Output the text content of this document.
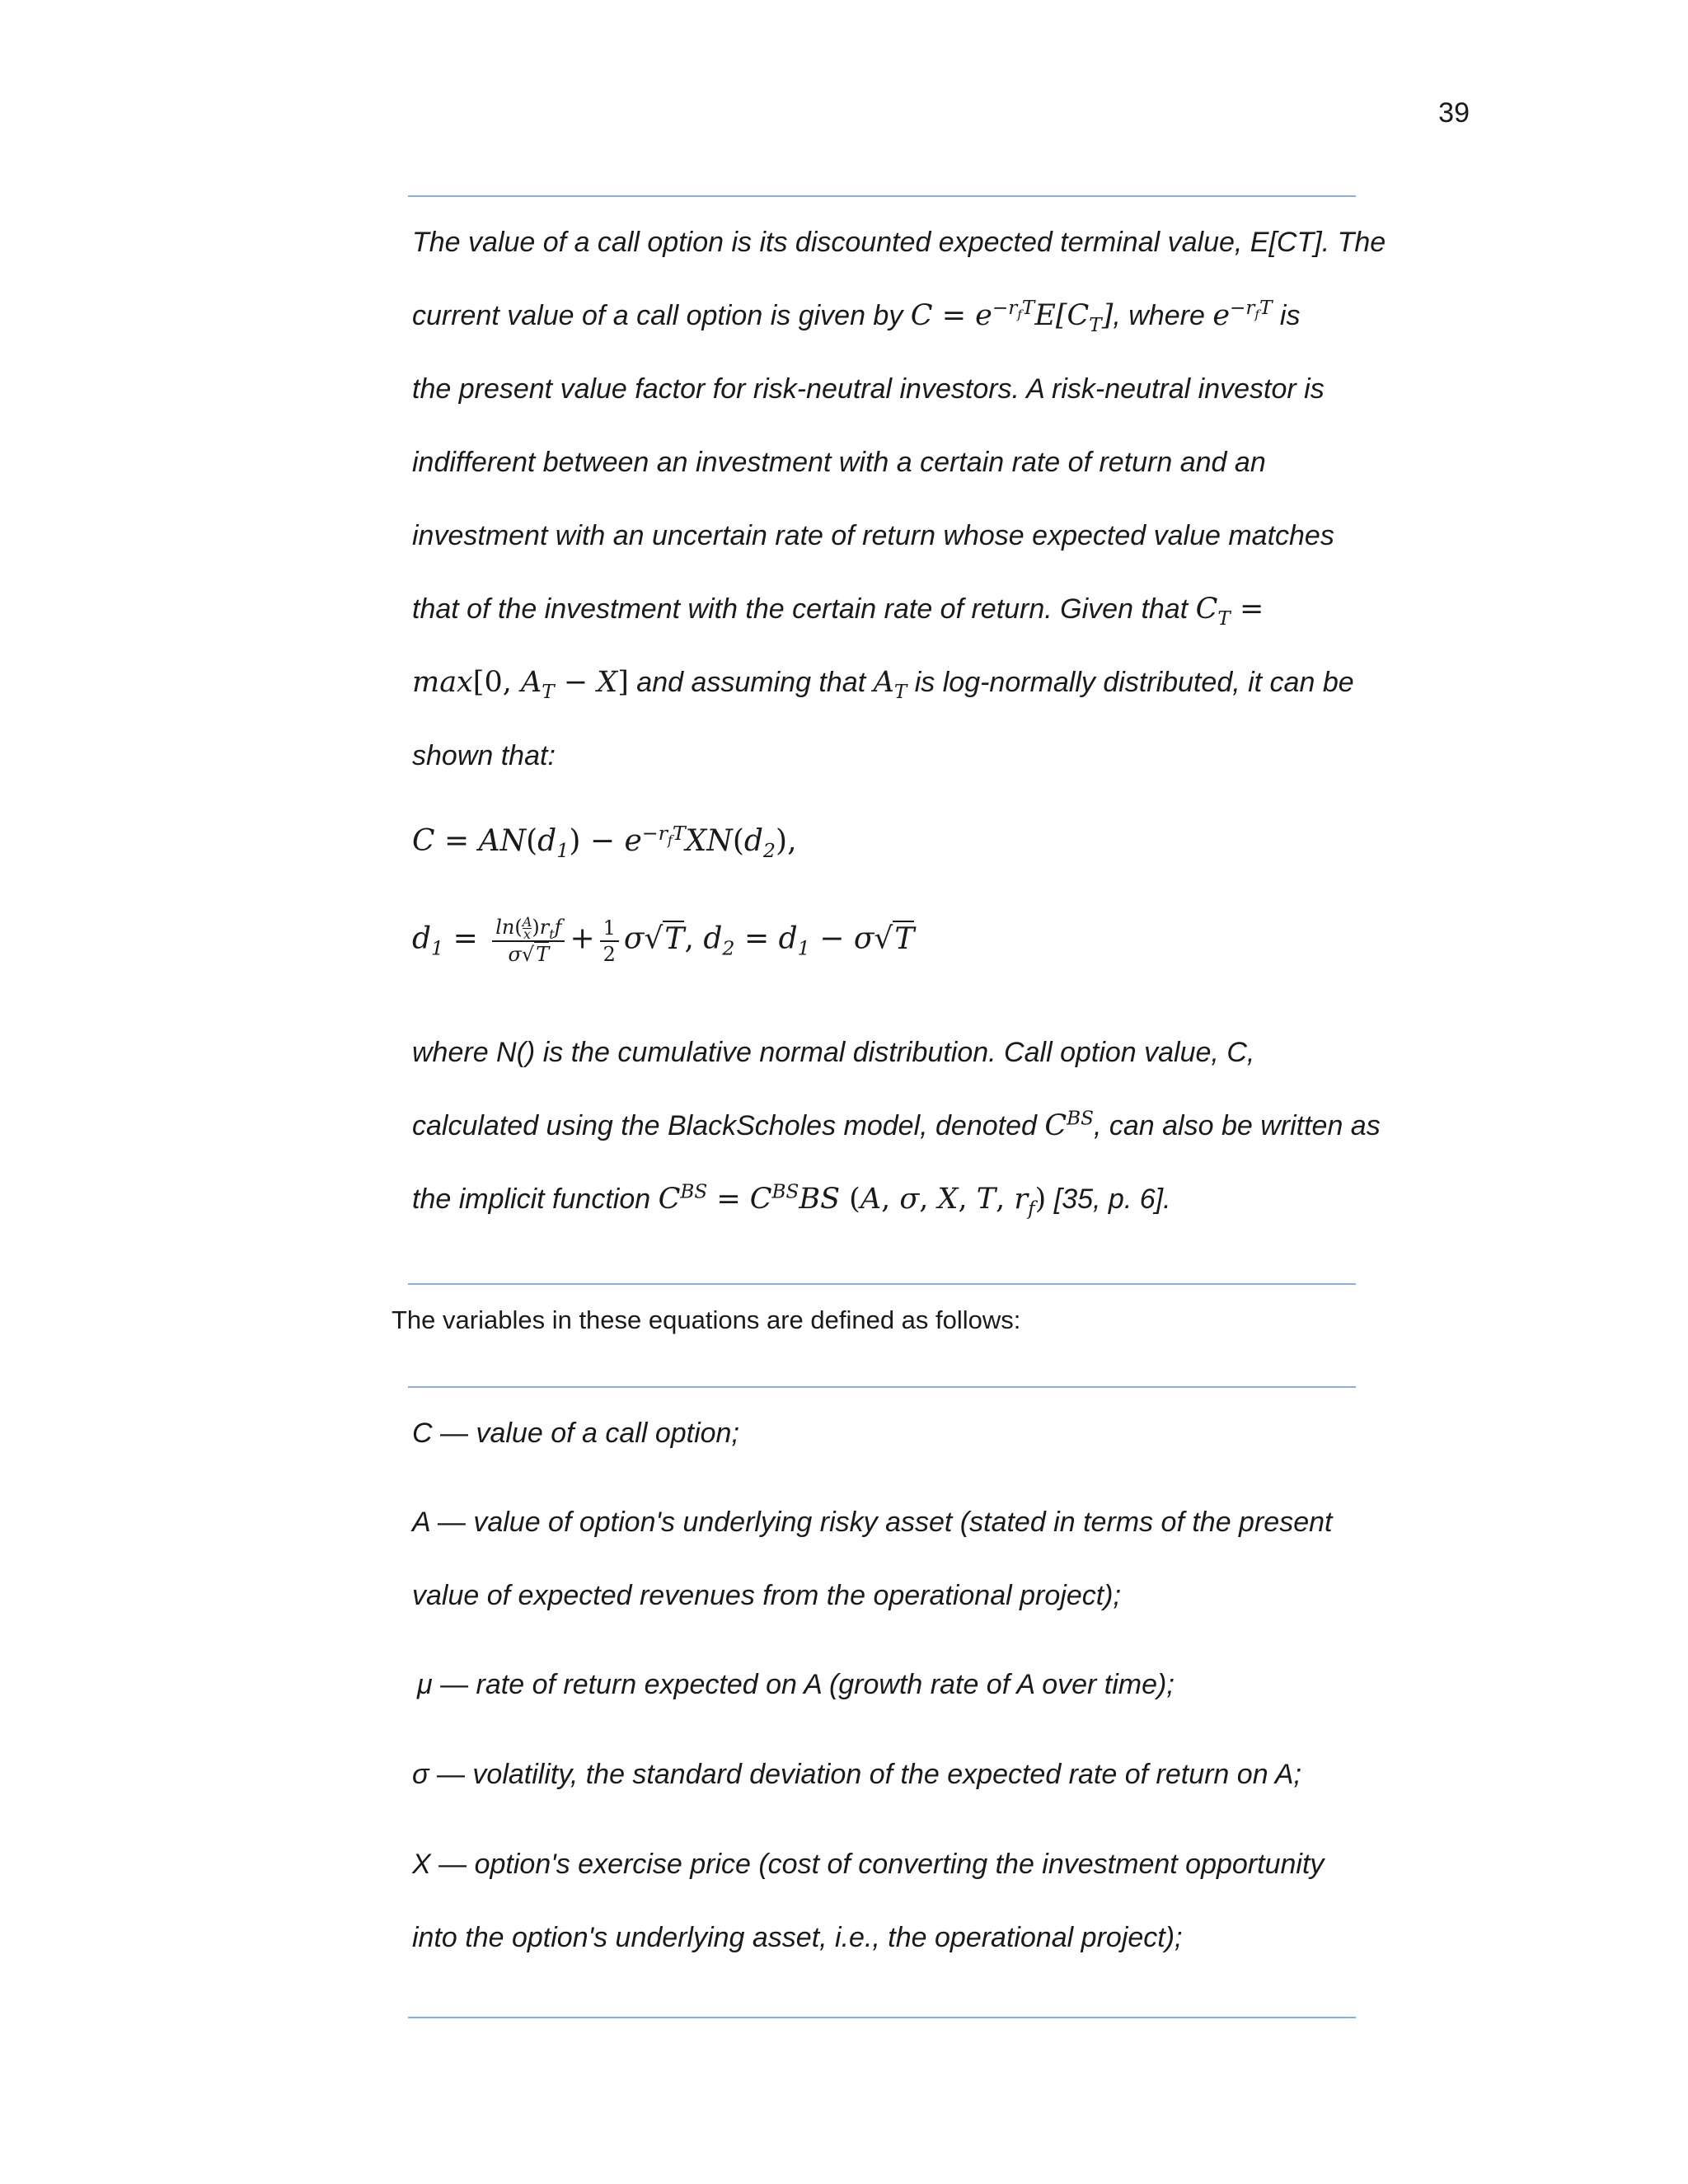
39
The value of a call option is its discounted expected terminal value, E[CT]. The
current value of a call option is given by $C = e^{-r_fT}E[C_T]$, where $e^{-r_fT}$ is
the present value factor for risk-neutral investors. A risk-neutral investor is
indifferent between an investment with a certain rate of return and an
investment with an uncertain rate of return whose expected value matches
that of the investment with the certain rate of return. Given that $C_T$ =
max[0, $A_T - X$] and assuming that $A_T$ is log-normally distributed, it can be
shown that:
$C = AN(d_1) - e^{-r_fT}XN(d_2)$,
$d_1 = \frac{\ln( \frac{A}{x} )r_tf}{\sigma√T} + \frac{1}{2} \sigma√T$, $d_2 = d_1 - \sigma√T$
where N() is the cumulative normal distribution. Call option value, C,
calculated using the BlackScholes model, denoted $C^{BS}$, can also be written as
the implicit function $C^{BS} = C^{BS}BS$ (A, σ, X, T, $r_f$) [35, p. 6].
The variables in these equations are defined as follows:
C — value of a call option;
A — value of option's underlying risky asset (stated in terms of the present
value of expected revenues from the operational project);
μ — rate of return expected on A (growth rate of A over time);
σ — volatility, the standard deviation of the expected rate of return on A;
X — option's exercise price (cost of converting the investment opportunity
into the option's underlying asset, i.e., the operational project);
